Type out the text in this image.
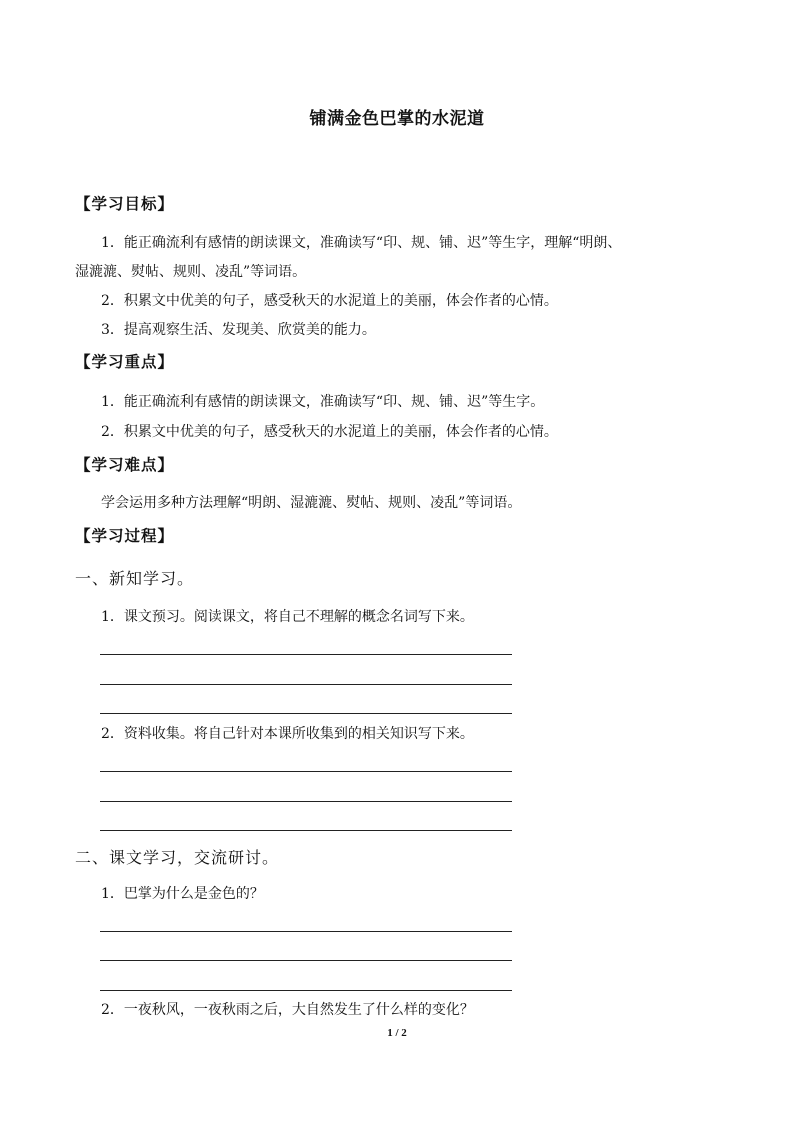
铺满金色巴掌的水泥道
【学习目标】
1．能正确流利有感情的朗读课文，准确读写“印、规、铺、迟”等生字，理解“明朗、
湿漉漉、熨帖、规则、凌乱”等词语。
2．积累文中优美的句子，感受秋天的水泥道上的美丽，体会作者的心情。
3．提高观察生活、发现美、欣赏美的能力。
【学习重点】
1．能正确流利有感情的朗读课文，准确读写“印、规、铺、迟”等生字。
2．积累文中优美的句子，感受秋天的水泥道上的美丽，体会作者的心情。
【学习难点】
学会运用多种方法理解“明朗、湿漉漉、熨帖、规则、凌乱”等词语。
【学习过程】
一、新知学习。
1．课文预习。阅读课文，将自己不理解的概念名词写下来。
2．资料收集。将自己针对本课所收集到的相关知识写下来。
二、课文学习，交流研讨。
1．巴掌为什么是金色的？
2．一夜秋风，一夜秋雨之后，大自然发生了什么样的变化？
1 / 2
